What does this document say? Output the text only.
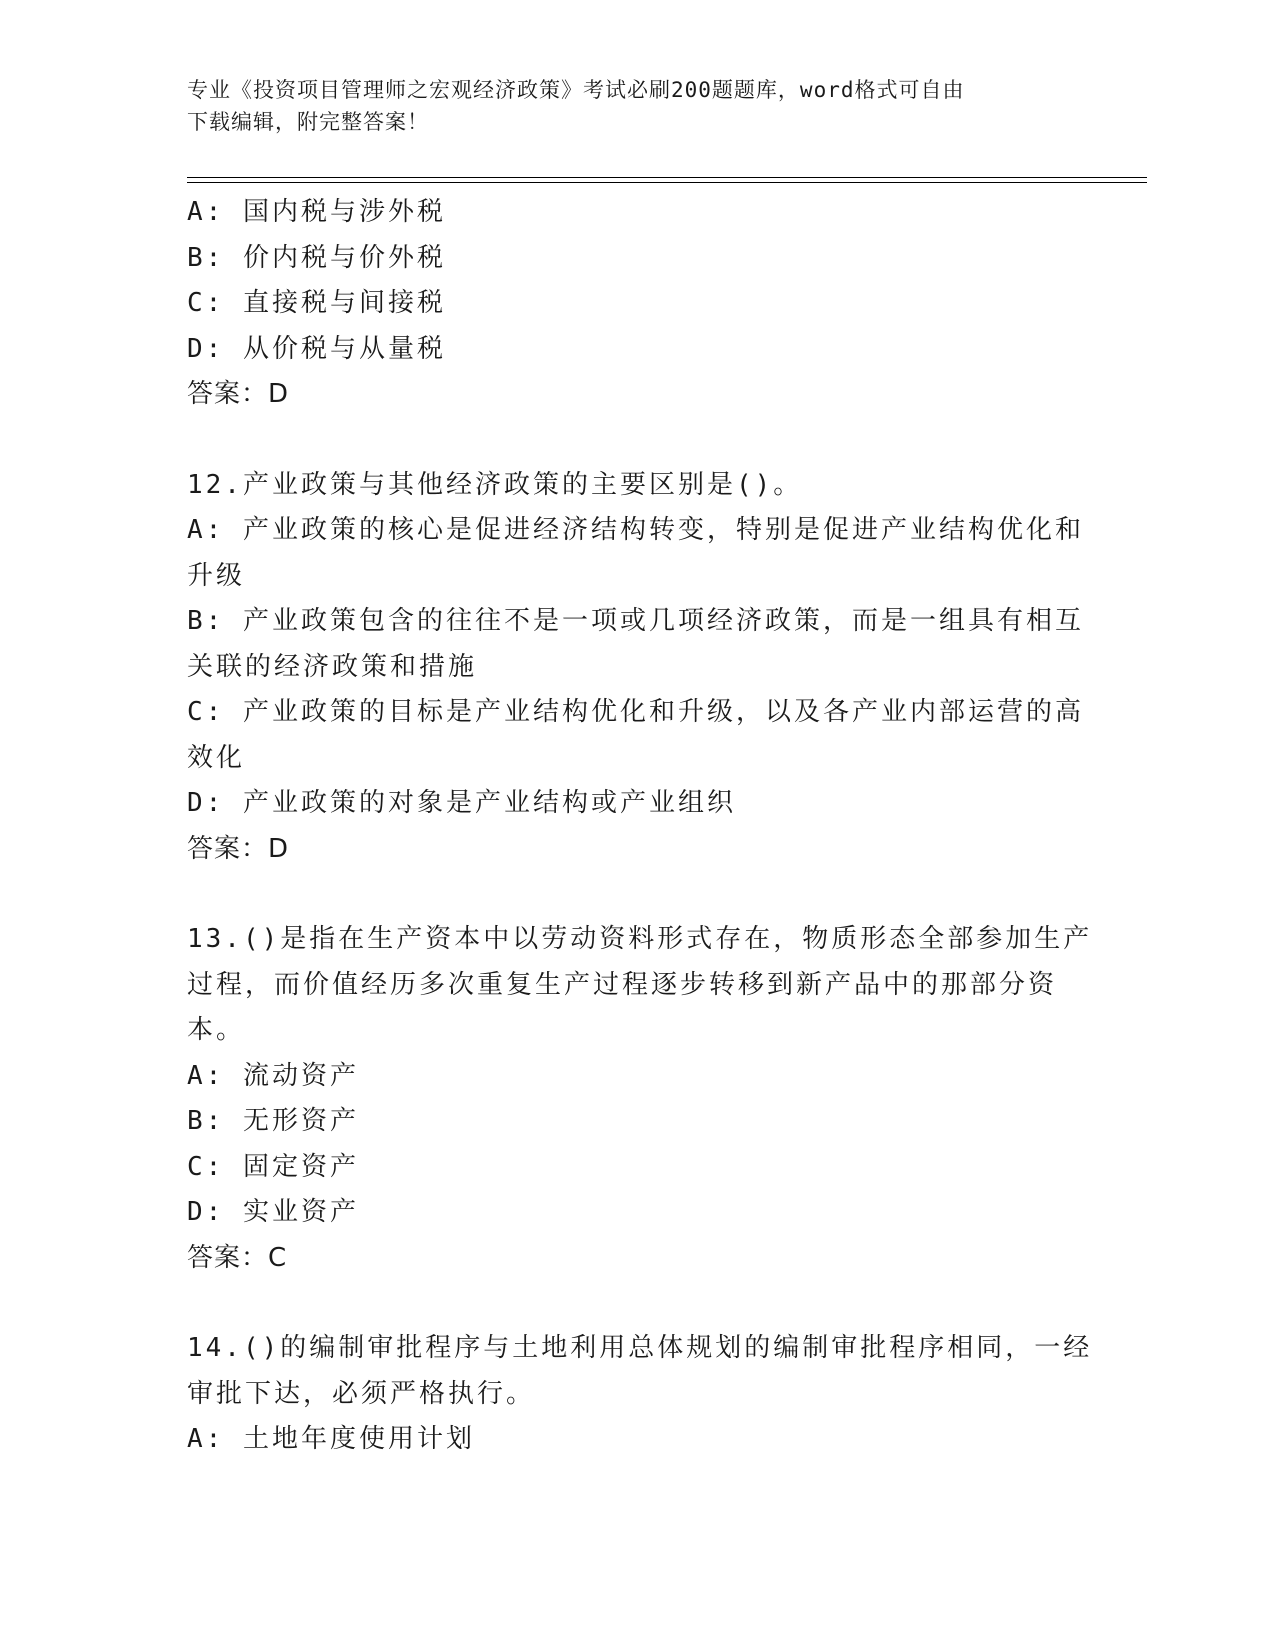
专业《投资项目管理师之宏观经济政策》考试必刷200题题库，word格式可自由
下载编辑，附完整答案！
A: 国内税与涉外税
B: 价内税与价外税
C: 直接税与间接税
D: 从价税与从量税
答案：D
12.产业政策与其他经济政策的主要区别是()。
A: 产业政策的核心是促进经济结构转变，特别是促进产业结构优化和
升级
B: 产业政策包含的往往不是一项或几项经济政策，而是一组具有相互
关联的经济政策和措施
C: 产业政策的目标是产业结构优化和升级，以及各产业内部运营的高
效化
D: 产业政策的对象是产业结构或产业组织
答案：D
13.()是指在生产资本中以劳动资料形式存在，物质形态全部参加生产
过程，而价值经历多次重复生产过程逐步转移到新产品中的那部分资
本。
A: 流动资产
B: 无形资产
C: 固定资产
D: 实业资产
答案：C
14.()的编制审批程序与土地利用总体规划的编制审批程序相同，一经
审批下达，必须严格执行。
A: 土地年度使用计划
